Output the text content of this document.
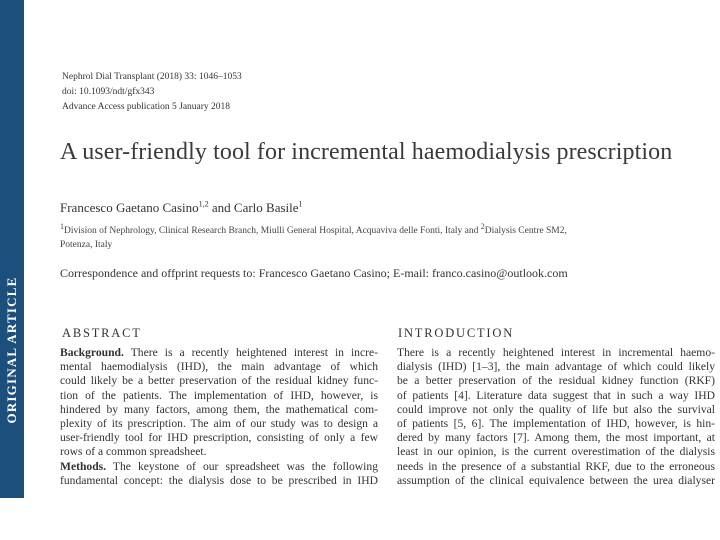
ORIGINAL ARTICLE
Nephrol Dial Transplant (2018) 33: 1046–1053
doi: 10.1093/ndt/gfx343
Advance Access publication 5 January 2018
A user-friendly tool for incremental haemodialysis prescription
Francesco Gaetano Casino$^{1,2}$ and Carlo Basile$^1$
$^1$Division of Nephrology, Clinical Research Branch, Miulli General Hospital, Acquaviva delle Fonti, Italy and $^2$Dialysis Centre SM2,
Potenza, Italy
Correspondence and offprint requests to: Francesco Gaetano Casino; E-mail: franco.casino@outlook.com
ABSTRACT	INTRODUCTION
Background. There is a recently heightened interest in incre-
mental haemodialysis (IHD), the main advantage of which
could likely be a better preservation of the residual kidney func-
tion of the patients. The implementation of IHD, however, is
hindered by many factors, among them, the mathematical com-
plexity of its prescription. The aim of our study was to design a
user-friendly tool for IHD prescription, consisting of only a few
rows of a common spreadsheet.
Methods. The keystone of our spreadsheet was the following
fundamental concept: the dialysis dose to be prescribed in IHD
There is a recently heightened interest in incremental haemo-
dialysis (IHD) [1–3], the main advantage of which could likely
be a better preservation of the residual kidney function (RKF)
of patients [4]. Literature data suggest that in such a way IHD
could improve not only the quality of life but also the survival
of patients [5, 6]. The implementation of IHD, however, is hin-
dered by many factors [7]. Among them, the most important, at
least in our opinion, is the current overestimation of the dialysis
needs in the presence of a substantial RKF, due to the erroneous
assumption of the clinical equivalence between the urea dialyser
